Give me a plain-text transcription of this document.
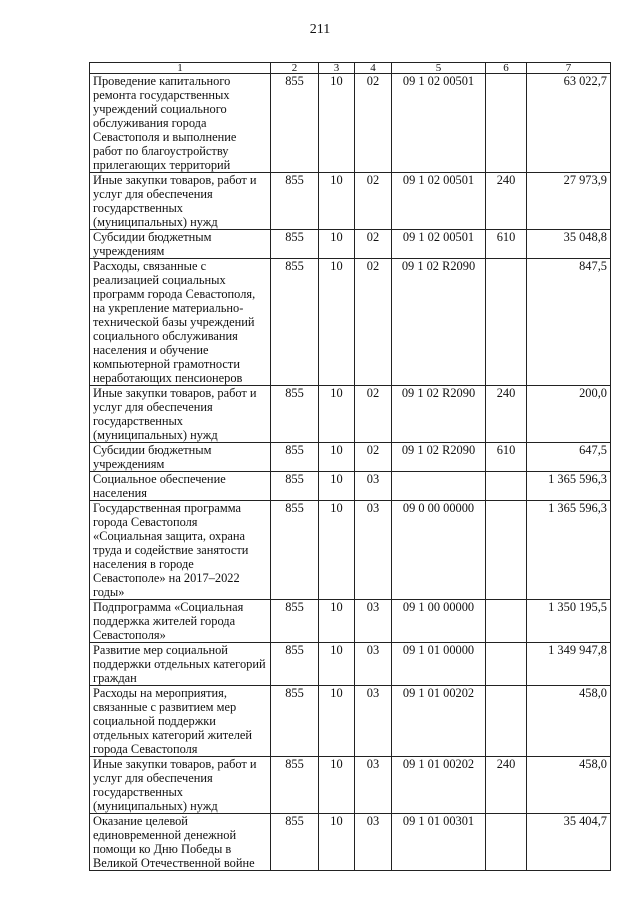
211
1	2	3	4	5	6	7
Проведение капитального ремонта государственных учреждений социального обслуживания города Севастополя и выполнение работ по благоустройству прилегающих территорий	855	10	02	09 1 02 00501		63 022,7
Иные закупки товаров, работ и услуг для обеспечения государственных (муниципальных) нужд	855	10	02	09 1 02 00501	240	27 973,9
Субсидии бюджетным учреждениям	855	10	02	09 1 02 00501	610	35 048,8
Расходы, связанные с реализацией социальных программ города Севастополя, на укрепление материально-технической базы учреждений социального обслуживания населения и обучение компьютерной грамотности неработающих пенсионеров	855	10	02	09 1 02 R2090		847,5
Иные закупки товаров, работ и услуг для обеспечения государственных (муниципальных) нужд	855	10	02	09 1 02 R2090	240	200,0
Субсидии бюджетным учреждениям	855	10	02	09 1 02 R2090	610	647,5
Социальное обеспечение населения	855	10	03			1 365 596,3
Государственная программа города Севастополя «Социальная защита, охрана труда и содействие занятости населения в городе Севастополе» на 2017–2022 годы»	855	10	03	09 0 00 00000		1 365 596,3
Подпрограмма «Социальная поддержка жителей города Севастополя»	855	10	03	09 1 00 00000		1 350 195,5
Развитие мер социальной поддержки отдельных категорий граждан	855	10	03	09 1 01 00000		1 349 947,8
Расходы на мероприятия, связанные с развитием мер социальной поддержки отдельных категорий жителей города Севастополя	855	10	03	09 1 01 00202		458,0
Иные закупки товаров, работ и услуг для обеспечения государственных (муниципальных) нужд	855	10	03	09 1 01 00202	240	458,0
Оказание целевой единовременной денежной помощи ко Дню Победы в Великой Отечественной войне	855	10	03	09 1 01 00301		35 404,7
